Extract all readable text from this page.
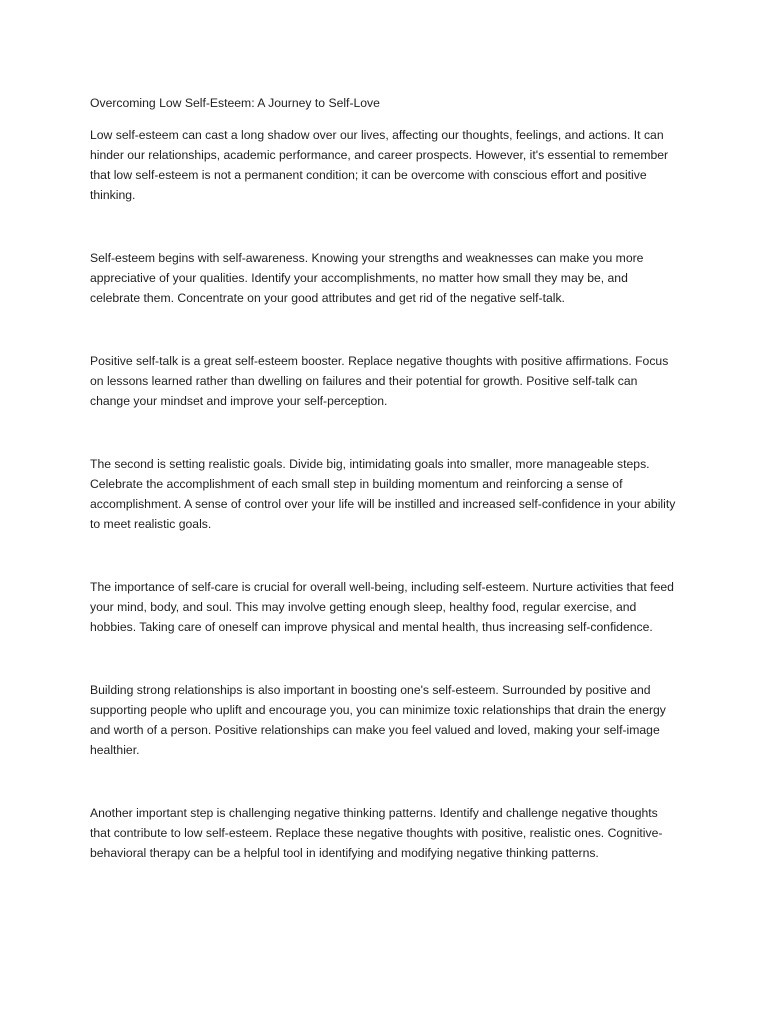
Overcoming Low Self-Esteem: A Journey to Self-Love

Low self-esteem can cast a long shadow over our lives, affecting our thoughts, feelings, and actions. It can hinder our relationships, academic performance, and career prospects. However, it's essential to remember that low self-esteem is not a permanent condition; it can be overcome with conscious effort and positive thinking.

Self-esteem begins with self-awareness. Knowing your strengths and weaknesses can make you more appreciative of your qualities. Identify your accomplishments, no matter how small they may be, and celebrate them. Concentrate on your good attributes and get rid of the negative self-talk.

Positive self-talk is a great self-esteem booster. Replace negative thoughts with positive affirmations. Focus on lessons learned rather than dwelling on failures and their potential for growth. Positive self-talk can change your mindset and improve your self-perception.

The second is setting realistic goals. Divide big, intimidating goals into smaller, more manageable steps. Celebrate the accomplishment of each small step in building momentum and reinforcing a sense of accomplishment. A sense of control over your life will be instilled and increased self-confidence in your ability to meet realistic goals.

The importance of self-care is crucial for overall well-being, including self-esteem. Nurture activities that feed your mind, body, and soul. This may involve getting enough sleep, healthy food, regular exercise, and hobbies. Taking care of oneself can improve physical and mental health, thus increasing self-confidence.

Building strong relationships is also important in boosting one's self-esteem. Surrounded by positive and supporting people who uplift and encourage you, you can minimize toxic relationships that drain the energy and worth of a person. Positive relationships can make you feel valued and loved, making your self-image healthier.

Another important step is challenging negative thinking patterns. Identify and challenge negative thoughts that contribute to low self-esteem. Replace these negative thoughts with positive, realistic ones. Cognitive-behavioral therapy can be a helpful tool in identifying and modifying negative thinking patterns.
